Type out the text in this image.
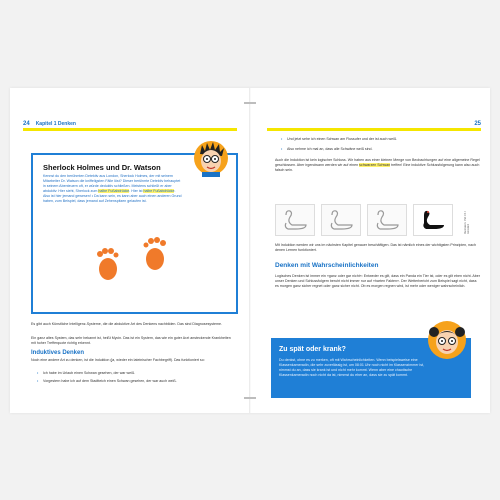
24 Kapitel 1 Denken
Sherlock Holmes und Dr. Watson
Kennst du den berühmten Detektiv aus London, Sherlock Holmes, der mit seinem Mitarbeiter Dr. Watson die kniffeligsten Fälle löst? Dieser berühmte Detektiv behauptet in seinem Abenteuern oft, er würde deduktiv schließen. Meistens schließt er aber abduktiv: Hier sieht, Sherlock zum halbe Fußabdrücke. Hier ist halbe Fußabdrücke. Also ist hier jemand gewesen! • Da kann sein, es kann aber auch einen anderen Grund haben, zum Beispiel, dass jemand auf Zehenspitzen gelaufen ist.
Es gibt auch Künstliche Intelligenz-Systeme, die die abduktive Art des Denkens nachbilden. Das sind Diagnosesysteme.
Ein ganz altes System, das sehr bekannt ist, heißt Mycin. Das ist ein System, das wie ein guter Arzt ansteckende Krankheiten mit hoher Trefferquote richtig erkennt.
Induktives Denken
Noch eine andere Art zu denken, ist die Induktion (ja, wieder ein lateinischer Fachbegriff). Das funktioniert so:
• Ich habe im Urlaub einen Schwan gesehen, der war weiß.
• Vorgestern habe ich auf dem Stadtteich einen Schwan gesehen, der war auch weiß.
25
• Und jetzt sehe ich einen Schwan am Flussufer und der ist auch weiß.
• Also nehme ich mal an, dass alle Schwäne weiß sind.
Auch die Induktion ist kein logischer Schluss. Wir haben aus einer kleinen Menge von Beobachtungen auf eine allgemeine Regel geschlossen. Aber irgendwann werden wir auf einen schwarzen Schwan treffen! Eine induktive Schlussfolgerung kann also auch falsch sein.
Illustration: FMI CS / Glowbird
Mit Induktion werden wir uns im nächsten Kapitel genauer beschäftigen. Das ist nämlich eines der wichtigsten Prinzipien, nach denen Lernen funktioniert.
Denken mit Wahrscheinlichkeiten
Logisches Denken ist immer ein »ganz oder gar nicht«: Entweder es gilt, dass ein Panda ein Tier ist, oder es gilt eben nicht. Aber unser Denken und Schlussfolgern beruht nicht immer nur auf »harten Fakten«. Der Wetterbericht zum Beispiel sagt nicht, dass es morgen ganz sicher regnet oder ganz sicher nicht. Ob es morgen regnen wird, ist mehr oder weniger wahrscheinlich.
Zu spät oder krank?
Du denkst, ohne es zu merken, oft mit Wahrscheinlichkeiten. Wenn beispielsweise eine Klassenkameradin, die sehr zuverlässig ist, um 08:01 Uhr noch nicht im Klassenzimmer ist, nimmst du an, dass sie krank ist und nicht mehr kommt. Wenn aber eine chaotische Klassenkameradin noch nicht da ist, nimmst du eher an, dass sie zu spät kommt.
